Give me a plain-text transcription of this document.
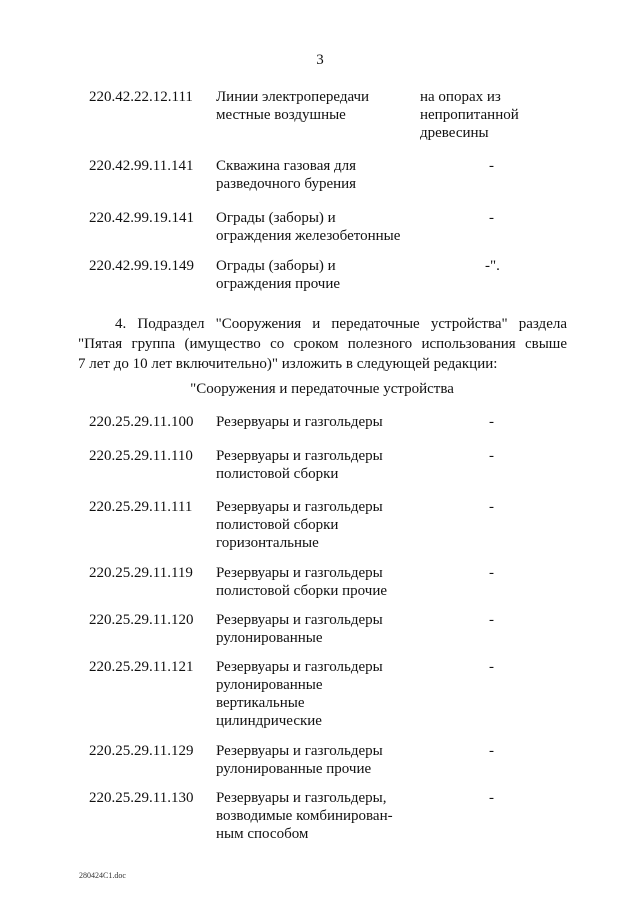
3
220.42.22.12.111 Линии электропередачи
местные воздушные
на опорах из
непропитанной
древесины
220.42.99.11.141 Скважина газовая для
разведочного бурения
-
220.42.99.19.141 Ограды (заборы) и
ограждения железобетонные
-
220.42.99.19.149 Ограды (заборы) и
ограждения прочие
-".
4. Подраздел "Сооружения и передаточные устройства" раздела
"Пятая группа (имущество со сроком полезного использования свыше
7 лет до 10 лет включительно)" изложить в следующей редакции:
"Сооружения и передаточные устройства
220.25.29.11.100 Резервуары и газгольдеры	-
220.25.29.11.110 Резервуары и газгольдеры
полистовой сборки
-
220.25.29.11.111 Резервуары и газгольдеры
полистовой сборки
горизонтальные
-
220.25.29.11.119 Резервуары и газгольдеры
полистовой сборки прочие
-
220.25.29.11.120 Резервуары и газгольдеры
рулонированные
-
220.25.29.11.121 Резервуары и газгольдеры
рулонированные
вертикальные
цилиндрические
-
220.25.29.11.129 Резервуары и газгольдеры
рулонированные прочие
-
220.25.29.11.130 Резервуары и газгольдеры,
возводимые комбинирован-
ным способом
-
280424C1.doc
